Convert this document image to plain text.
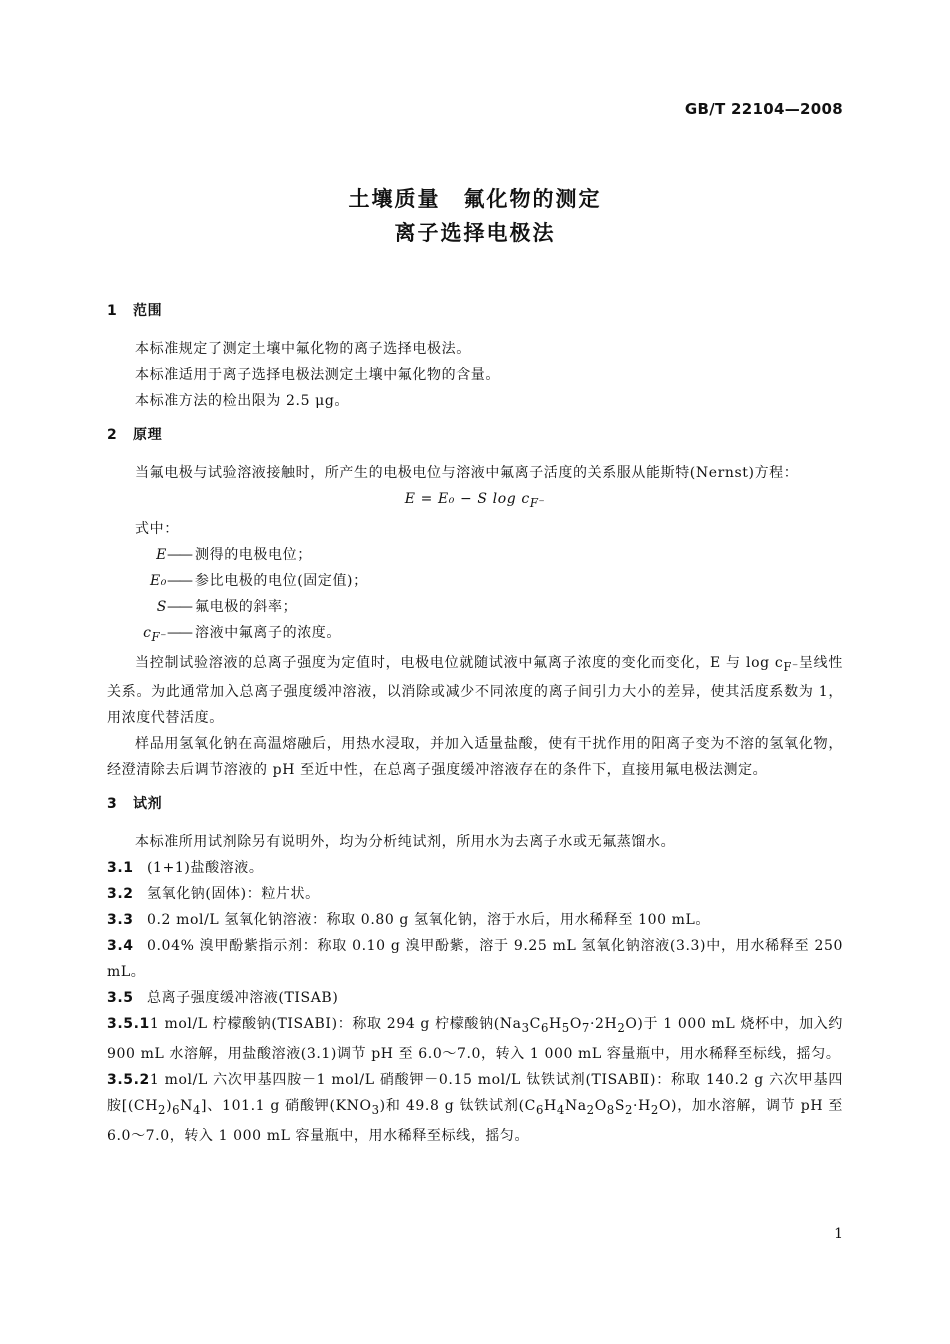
GB/T 22104—2008
土壤质量　氟化物的测定
离子选择电极法

1 范围

本标准规定了测定土壤中氟化物的离子选择电极法。

本标准适用于离子选择电极法测定土壤中氟化物的含量。

本标准方法的检出限为 2.5 μg。

2 原理

当氟电极与试验溶液接触时，所产生的电极电位与溶液中氟离子活度的关系服从能斯特(Nernst)方程：

E = E₀ − S $\log c_{F^-}$

式中：

E —— 测得的电极电位；

E₀ —— 参比电极的电位(固定值)；

S —— 氟电极的斜率；

$c_{F^-}$ —— 溶液中氟离子的浓度。

当控制试验溶液的总离子强度为定值时，电极电位就随试液中氟离子浓度的变化而变化，E 与 $\log c_{F^-}$呈线性关系。为此通常加入总离子强度缓冲溶液，以消除或减少不同浓度的离子间引力大小的差异，使其活度系数为 1，用浓度代替活度。

样品用氢氧化钠在高温熔融后，用热水浸取，并加入适量盐酸，使有干扰作用的阳离子变为不溶的氢氧化物，经澄清除去后调节溶液的 pH 至近中性，在总离子强度缓冲溶液存在的条件下，直接用氟电极法测定。

3 试剂

本标准所用试剂除另有说明外，均为分析纯试剂，所用水为去离子水或无氟蒸馏水。

3.1 (1+1)盐酸溶液。

3.2 氢氧化钠(固体)：粒片状。

3.3 0.2 mol/L 氢氧化钠溶液：称取 0.80 g 氢氧化钠，溶于水后，用水稀释至 100 mL。

3.4 0.04% 溴甲酚紫指示剂：称取 0.10 g 溴甲酚紫，溶于 9.25 mL 氢氧化钠溶液(3.3)中，用水稀释至 250 mL。

3.5 总离子强度缓冲溶液(TISAB)

3.5.11 mol/L 柠檬酸钠(TISABⅠ)：称取 294 g 柠檬酸钠$(Na_3C_6H_5O_7\cdot 2H_2O)$于 1 000 mL 烧杯中，加入约 900 mL 水溶解，用盐酸溶液(3.1)调节 pH 至 6.0～7.0，转入 1 000 mL 容量瓶中，用水稀释至标线，摇匀。

3.5.21 mol/L 六次甲基四胺－1 mol/L 硝酸钾－0.15 mol/L 钛铁试剂(TISABⅡ)：称取 140.2 g 六次甲基四胺$[(CH_2)_6N_4]$、101.1 g 硝酸钾$(KNO_3)$和 49.8 g 钛铁试剂$(C_6H_4Na_2O_8S_2\cdot H_2O)$，加水溶解，调节 pH 至 6.0～7.0，转入 1 000 mL 容量瓶中，用水稀释至标线，摇匀。

1
